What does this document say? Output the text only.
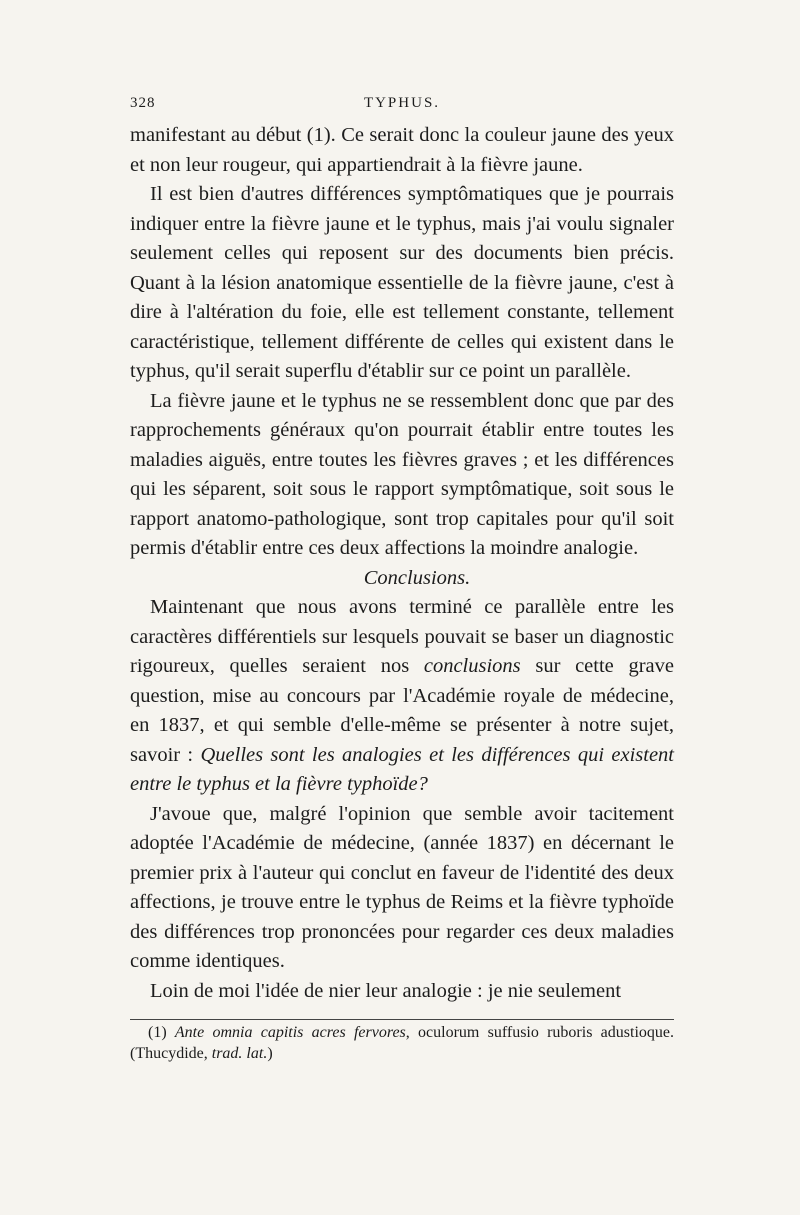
328	TYPHUS.

manifestant au début (1). Ce serait donc la couleur jaune des yeux et non leur rougeur, qui appartiendrait à la fièvre jaune.

Il est bien d'autres différences symptômatiques que je pourrais indiquer entre la fièvre jaune et le typhus, mais j'ai voulu signaler seulement celles qui reposent sur des documents bien précis. Quant à la lésion anatomique essentielle de la fièvre jaune, c'est à dire à l'altération du foie, elle est tellement constante, tellement caractéristique, tellement différente de celles qui existent dans le typhus, qu'il serait superflu d'établir sur ce point un parallèle.

La fièvre jaune et le typhus ne se ressemblent donc que par des rapprochements généraux qu'on pourrait établir entre toutes les maladies aiguës, entre toutes les fièvres graves ; et les différences qui les séparent, soit sous le rapport symptômatique, soit sous le rapport anatomo-pathologique, sont trop capitales pour qu'il soit permis d'établir entre ces deux affections la moindre analogie.

Conclusions.

Maintenant que nous avons terminé ce parallèle entre les caractères différentiels sur lesquels pouvait se baser un diagnostic rigoureux, quelles seraient nos conclusions sur cette grave question, mise au concours par l'Académie royale de médecine, en 1837, et qui semble d'elle-même se présenter à notre sujet, savoir : Quelles sont les analogies et les différences qui existent entre le typhus et la fièvre typhoïde?

J'avoue que, malgré l'opinion que semble avoir tacitement adoptée l'Académie de médecine, (année 1837) en décernant le premier prix à l'auteur qui conclut en faveur de l'identité des deux affections, je trouve entre le typhus de Reims et la fièvre typhoïde des différences trop prononcées pour regarder ces deux maladies comme identiques.

Loin de moi l'idée de nier leur analogie : je nie seulement

(1) Ante omnia capitis acres fervores, oculorum suffusio ruboris adustioque. (Thucydide, trad. lat.)
